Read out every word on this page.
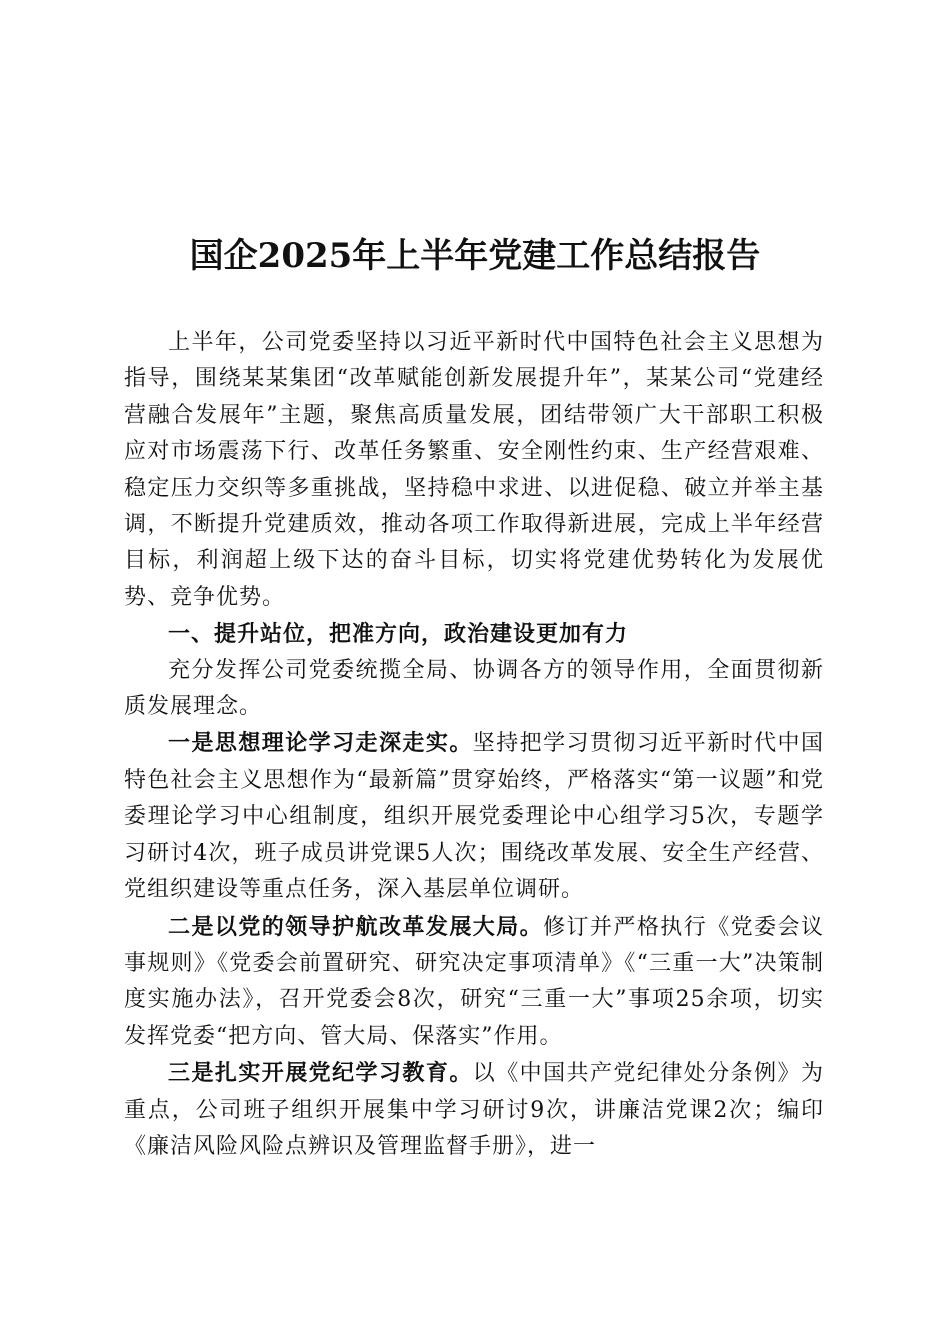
国企2025年上半年党建工作总结报告

上半年，公司党委坚持以习近平新时代中国特色社会主义思想为指导，围绕某某集团“改革赋能创新发展提升年”，某某公司“党建经营融合发展年”主题，聚焦高质量发展，团结带领广大干部职工积极应对市场震荡下行、改革任务繁重、安全刚性约束、生产经营艰难、稳定压力交织等多重挑战，坚持稳中求进、以进促稳、破立并举主基调，不断提升党建质效，推动各项工作取得新进展，完成上半年经营目标，利润超上级下达的奋斗目标，切实将党建优势转化为发展优势、竞争优势。

一、提升站位，把准方向，政治建设更加有力

充分发挥公司党委统揽全局、协调各方的领导作用，全面贯彻新质发展理念。

一是思想理论学习走深走实。坚持把学习贯彻习近平新时代中国特色社会主义思想作为“最新篇”贯穿始终，严格落实“第一议题”和党委理论学习中心组制度，组织开展党委理论中心组学习5次，专题学习研讨4次，班子成员讲党课5人次；围绕改革发展、安全生产经营、党组织建设等重点任务，深入基层单位调研。

二是以党的领导护航改革发展大局。修订并严格执行《党委会议事规则》《党委会前置研究、研究决定事项清单》《“三重一大”决策制度实施办法》，召开党委会8次，研究“三重一大”事项25余项，切实发挥党委“把方向、管大局、保落实”作用。

三是扎实开展党纪学习教育。以《中国共产党纪律处分条例》为重点，公司班子组织开展集中学习研讨9次，讲廉洁党课2次；编印《廉洁风险风险点辨识及管理监督手册》，进一
